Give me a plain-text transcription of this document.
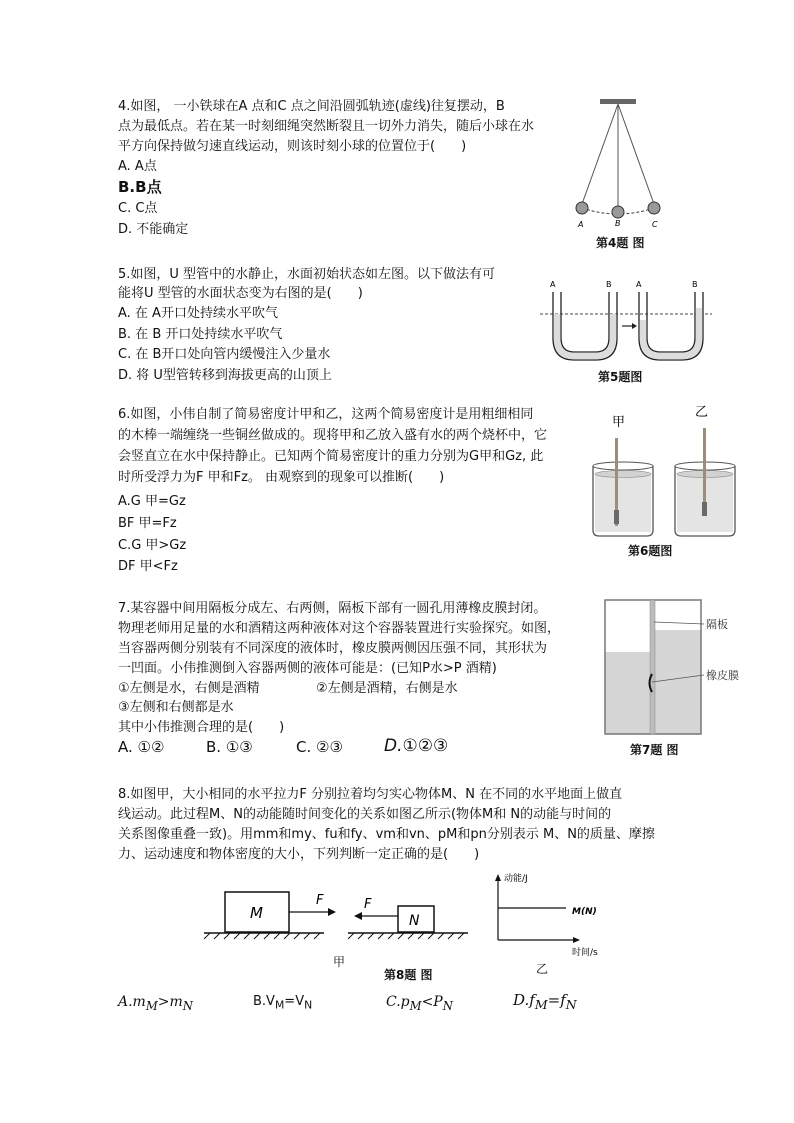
4.如图， 一小铁球在A 点和C 点之间沿圆弧轨迹(虚线)往复摆动，B

点为最低点。若在某一时刻细绳突然断裂且一切外力消失，随后小球在水

平方向保持做匀速直线运动，则该时刻小球的位置位于(　　)

A. A点

B.B点

C. C点

D. 不能确定	A	B	C
第4题 图

5.如图，U 型管中的水静止，水面初始状态如左图。以下做法有可

能将U 型管的水面状态变为右图的是(　　)

A. 在 A开口处持续水平吹气

B. 在 B 开口处持续水平吹气

C. 在 B开口处向管内缓慢注入少量水

D. 将 U型管转移到海拔更高的山顶上

A	B	A	B
第5题图

6.如图，小伟自制了简易密度计甲和乙，这两个简易密度计是用粗细相同

的木棒一端缠绕一些铜丝做成的。现将甲和乙放入盛有水的两个烧杯中，它

会竖直立在水中保持静止。已知两个简易密度计的重力分别为G甲和Gz, 此

时所受浮力为F 甲和Fz。 由观察到的现象可以推断(　　)

A.G 甲=Gz

BF 甲=Fz

C.G 甲>Gz

DF 甲<Fz

甲
乙
第6题图

7.某容器中间用隔板分成左、右两侧，隔板下部有一圆孔用薄橡皮膜封闭。

物理老师用足量的水和酒精这两种液体对这个容器装置进行实验探究。如图，

当容器两侧分别装有不同深度的液体时，橡皮膜两侧因压强不同，其形状为

一凹面。小伟推测倒入容器两侧的液体可能是：(已知P水>P 酒精)

①左侧是水，右侧是酒精	②左侧是酒精，右侧是水

③左侧和右侧都是水

其中小伟推测合理的是(　　)

A. ①②	B. ①③	C. ②③ D.①②③

隔板
橡皮膜
第7题 图

8.如图甲，大小相同的水平拉力F 分别拉着均匀实心物体M、N 在不同的水平地面上做直

线运动。此过程M、N的动能随时间变化的关系如图乙所示(物体M和 N的动能与时间的

关系图像重叠一致)。用mm和my、fu和fy、vm和vn、pM和pn分别表示 M、N的质量、摩擦

力、运动速度和物体密度的大小，下列判断一定正确的是(　　)

M
F
N
F
甲
第8题 图
动能/J
M(N)
时间/s
乙

$A.m_M>m_N$	$B.V_M=V_N$	$C.p_M<P_N$	$D.f_M=f_N$
